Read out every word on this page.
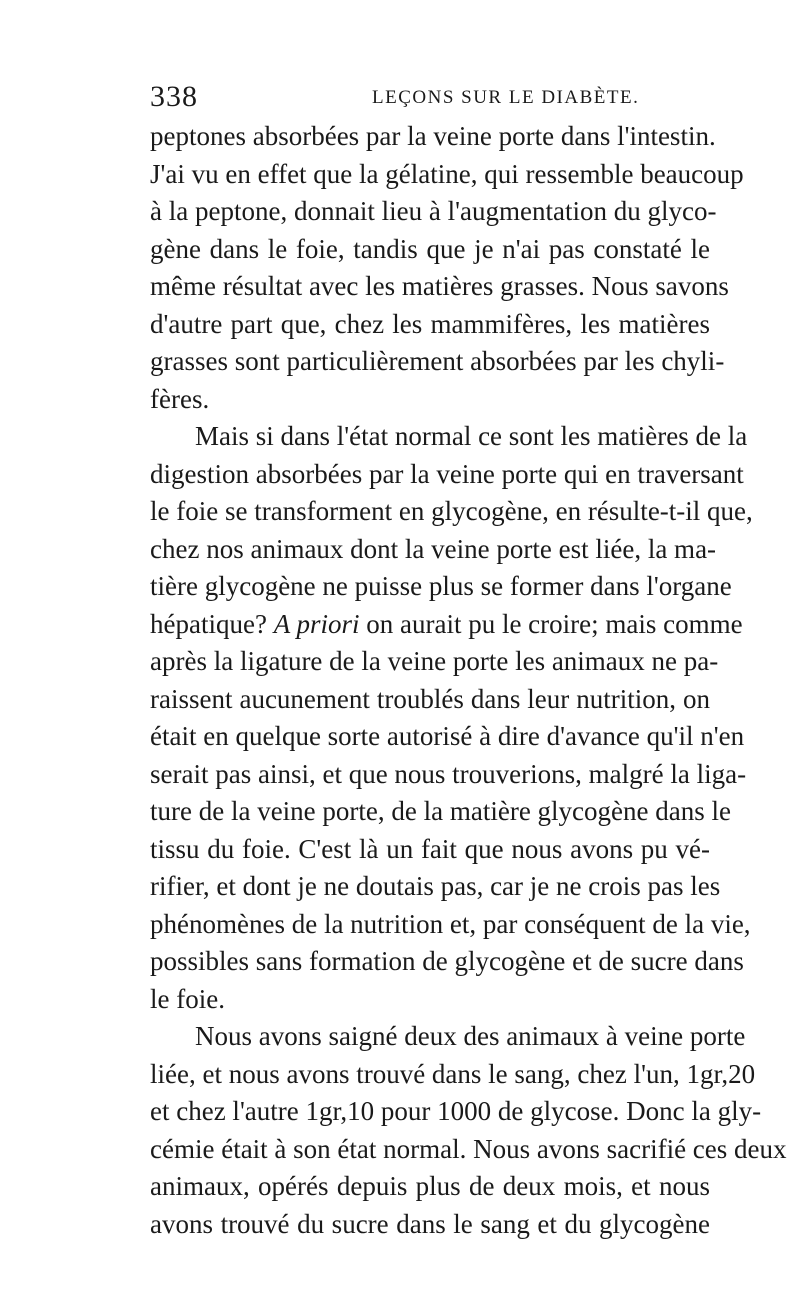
338	LEÇONS SUR LE DIABÈTE.
peptones absorbées par la veine porte dans l'intestin.
J'ai vu en effet que la gélatine, qui ressemble beaucoup
à la peptone, donnait lieu à l'augmentation du glyco-
gène dans le foie, tandis que je n'ai pas constaté le
même résultat avec les matières grasses. Nous savons
d'autre part que, chez les mammifères, les matières
grasses sont particulièrement absorbées par les chyli-
fères.
Mais si dans l'état normal ce sont les matières de la
digestion absorbées par la veine porte qui en traversant
le foie se transforment en glycogène, en résulte-t-il que,
chez nos animaux dont la veine porte est liée, la ma-
tière glycogène ne puisse plus se former dans l'organe
hépatique? A priori on aurait pu le croire; mais comme
après la ligature de la veine porte les animaux ne pa-
raissent aucunement troublés dans leur nutrition, on
était en quelque sorte autorisé à dire d'avance qu'il n'en
serait pas ainsi, et que nous trouverions, malgré la liga-
ture de la veine porte, de la matière glycogène dans le
tissu du foie. C'est là un fait que nous avons pu vé-
rifier, et dont je ne doutais pas, car je ne crois pas les
phénomènes de la nutrition et, par conséquent de la vie,
possibles sans formation de glycogène et de sucre dans
le foie.
Nous avons saigné deux des animaux à veine porte
liée, et nous avons trouvé dans le sang, chez l'un, 1gr,20
et chez l'autre 1gr,10 pour 1000 de glycose. Donc la gly-
cémie était à son état normal. Nous avons sacrifié ces deux
animaux, opérés depuis plus de deux mois, et nous
avons trouvé du sucre dans le sang et du glycogène
